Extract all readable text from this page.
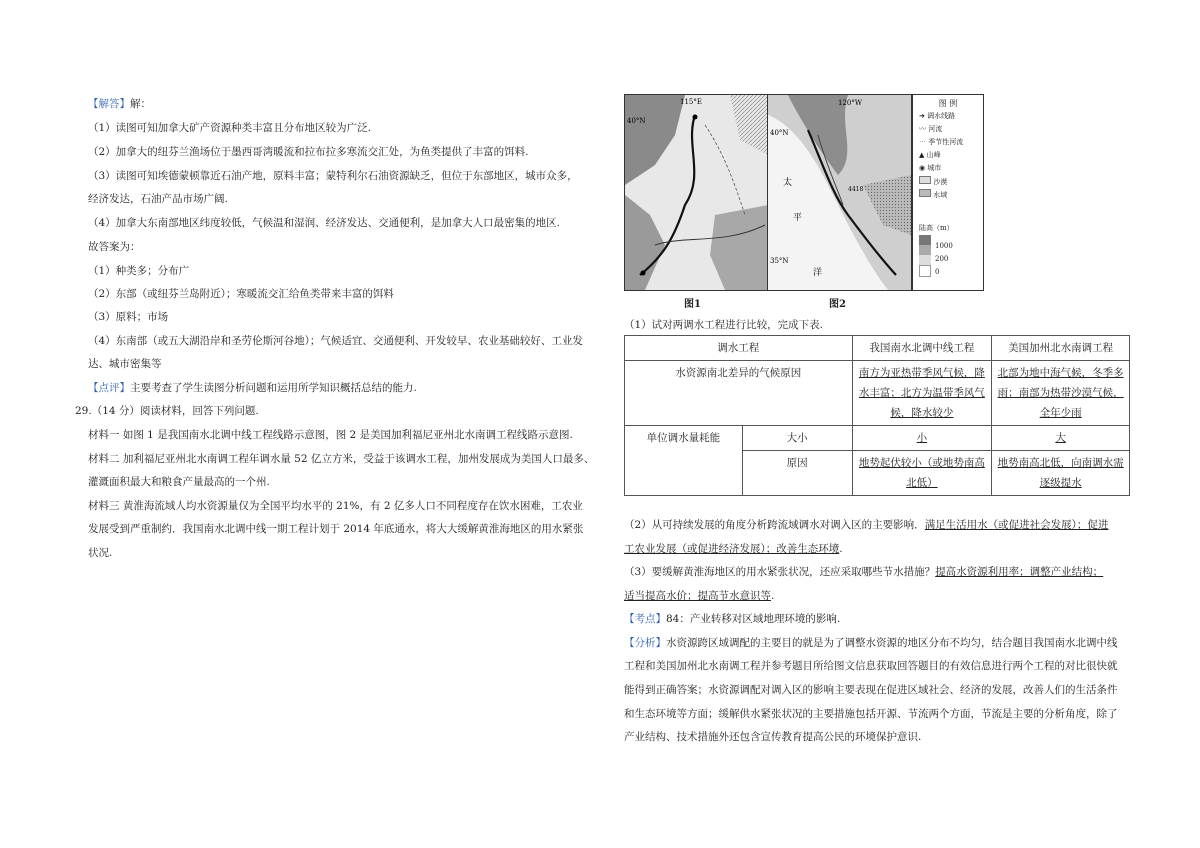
【解答】解：
（1）读图可知加拿大矿产资源种类丰富且分布地区较为广泛.
（2）加拿大的纽芬兰渔场位于墨西哥湾暖流和拉布拉多寒流交汇处，为鱼类提供了丰富的饵料.
（3）读图可知埃德蒙顿靠近石油产地，原料丰富；蒙特利尔石油资源缺乏，但位于东部地区，城市众多，
经济发达，石油产品市场广阔.
（4）加拿大东南部地区纬度较低，气候温和湿润、经济发达、交通便利，是加拿大人口最密集的地区.
故答案为：
（1）种类多；分布广
（2）东部（或纽芬兰岛附近）；寒暖流交汇给鱼类带来丰富的饵料
（3）原料；市场
（4）东南部（或五大湖沿岸和圣劳伦斯河谷地）；气候适宜、交通便利、开发较早、农业基础较好、工业发
达、城市密集等
【点评】主要考查了学生读图分析问题和运用所学知识概括总结的能力.
29.（14 分）阅读材料，回答下列问题.
材料一 如图 1 是我国南水北调中线工程线路示意图，图 2 是美国加利福尼亚州北水南调工程线路示意图.
材料二 加利福尼亚州北水南调工程年调水量 52 亿立方米，受益于该调水工程，加州发展成为美国人口最多、
灌溉面积最大和粮食产量最高的一个州.
材料三 黄淮海流域人均水资源量仅为全国平均水平的 21%，有 2 亿多人口不同程度存在饮水困难，工农业
发展受到严重制约．我国南水北调中线一期工程计划于 2014 年底通水，将大大缓解黄淮海地区的用水紧张
状况.
115°E
40°N
图1
120°W
40°N
35°N
4418
太
平
洋
图2
图 例
➜ 调水线路
〰 河流
⋯ 季节性河流
▲ 山峰
◉ 城市
沙漠
水域
陆高（m）
1000
200
0
（1）试对两调水工程进行比较，完成下表.
调水工程		我国南水北调中线工程	美国加州北水南调工程
水资源南北差异的气候原因		南方为亚热带季风气候，降水丰富；北方为温带季风气候，降水较少	北部为地中海气候，冬季多雨；南部为热带沙漠气候，全年少雨
单位调水量耗能	大小	小	大
	原因	地势起伏较小（或地势南高北低）	地势南高北低，向南调水需逐级提水
（2）从可持续发展的角度分析跨流域调水对调入区的主要影响．满足生活用水（或促进社会发展）；促进
工农业发展（或促进经济发展）；改善生态环境.
（3）要缓解黄淮海地区的用水紧张状况，还应采取哪些节水措施？提高水资源利用率；调整产业结构；
适当提高水价；提高节水意识等.
【考点】84：产业转移对区域地理环境的影响.
【分析】水资源跨区域调配的主要目的就是为了调整水资源的地区分布不均匀，结合题目我国南水北调中线
工程和美国加州北水南调工程并参考题目所给图文信息获取回答题目的有效信息进行两个工程的对比很快就
能得到正确答案；水资源调配对调入区的影响主要表现在促进区域社会、经济的发展，改善人们的生活条件
和生态环境等方面；缓解供水紧张状况的主要措施包括开源、节流两个方面，节流是主要的分析角度，除了
产业结构、技术措施外还包含宣传教育提高公民的环境保护意识.
